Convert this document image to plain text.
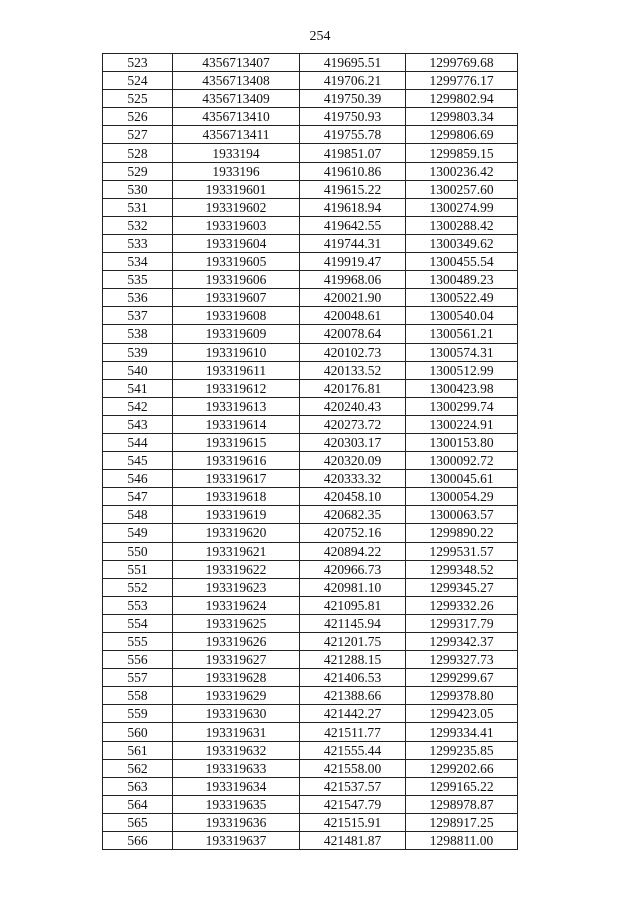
254
523	4356713407	419695.51	1299769.68
524	4356713408	419706.21	1299776.17
525	4356713409	419750.39	1299802.94
526	4356713410	419750.93	1299803.34
527	4356713411	419755.78	1299806.69
528	1933194	419851.07	1299859.15
529	1933196	419610.86	1300236.42
530	193319601	419615.22	1300257.60
531	193319602	419618.94	1300274.99
532	193319603	419642.55	1300288.42
533	193319604	419744.31	1300349.62
534	193319605	419919.47	1300455.54
535	193319606	419968.06	1300489.23
536	193319607	420021.90	1300522.49
537	193319608	420048.61	1300540.04
538	193319609	420078.64	1300561.21
539	193319610	420102.73	1300574.31
540	193319611	420133.52	1300512.99
541	193319612	420176.81	1300423.98
542	193319613	420240.43	1300299.74
543	193319614	420273.72	1300224.91
544	193319615	420303.17	1300153.80
545	193319616	420320.09	1300092.72
546	193319617	420333.32	1300045.61
547	193319618	420458.10	1300054.29
548	193319619	420682.35	1300063.57
549	193319620	420752.16	1299890.22
550	193319621	420894.22	1299531.57
551	193319622	420966.73	1299348.52
552	193319623	420981.10	1299345.27
553	193319624	421095.81	1299332.26
554	193319625	421145.94	1299317.79
555	193319626	421201.75	1299342.37
556	193319627	421288.15	1299327.73
557	193319628	421406.53	1299299.67
558	193319629	421388.66	1299378.80
559	193319630	421442.27	1299423.05
560	193319631	421511.77	1299334.41
561	193319632	421555.44	1299235.85
562	193319633	421558.00	1299202.66
563	193319634	421537.57	1299165.22
564	193319635	421547.79	1298978.87
565	193319636	421515.91	1298917.25
566	193319637	421481.87	1298811.00
